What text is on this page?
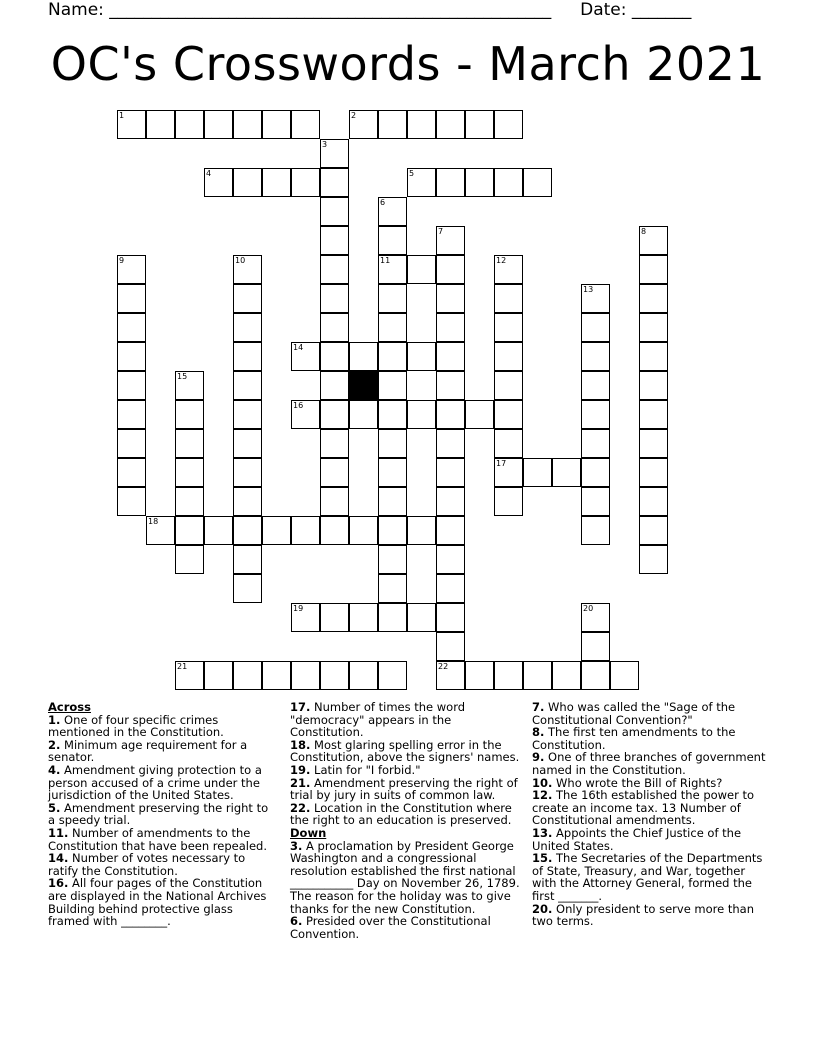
Name: ____________________________________________________ Date: _______
OC's Crosswords - March 2021
1	2
3
4	5
6
7	8
9	10	11	12
13
14
15
16
17
18
19	20
21	22
Across
1. One of four specific crimes mentioned in the Constitution.
2. Minimum age requirement for a senator.
4. Amendment giving protection to a person accused of a crime under the jurisdiction of the United States.
5. Amendment preserving the right to a speedy trial.
11. Number of amendments to the Constitution that have been repealed.
14. Number of votes necessary to ratify the Constitution.
16. All four pages of the Constitution are displayed in the National Archives Building behind protective glass framed with ________.
17. Number of times the word "democracy" appears in the Constitution.
18. Most glaring spelling error in the Constitution, above the signers' names.
19. Latin for "I forbid."
21. Amendment preserving the right of trial by jury in suits of common law.
22. Location in the Constitution where the right to an education is preserved.
Down
3. A proclamation by President George Washington and a congressional resolution established the first national ___________ Day on November 26, 1789. The reason for the holiday was to give thanks for the new Constitution.
6. Presided over the Constitutional Convention.
7. Who was called the "Sage of the Constitutional Convention?"
8. The first ten amendments to the Constitution.
9. One of three branches of government named in the Constitution.
10. Who wrote the Bill of Rights?
12. The 16th established the power to create an income tax. 13 Number of Constitutional amendments.
13. Appoints the Chief Justice of the United States.
15. The Secretaries of the Departments of State, Treasury, and War, together with the Attorney General, formed the first _______.
20. Only president to serve more than two terms.
